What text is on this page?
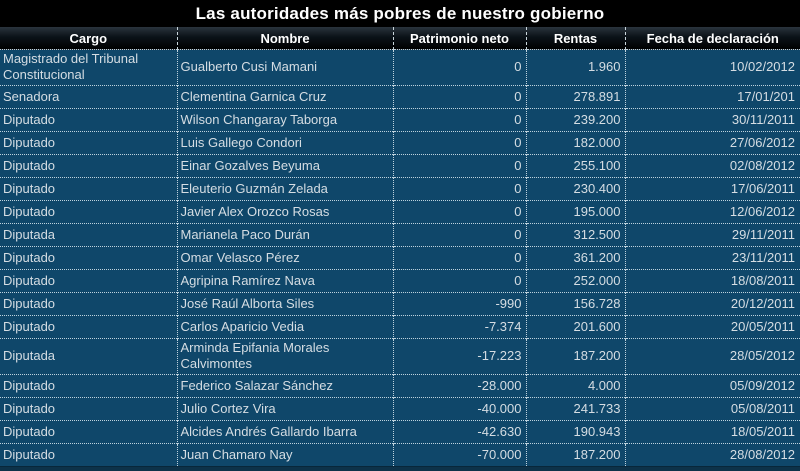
Las autoridades más pobres de nuestro gobierno
Cargo	Nombre	Patrimonio neto	Rentas	Fecha de declaración
Magistrado del Tribunal Constitucional	Gualberto Cusi Mamani	0	1.960	10/02/2012
Senadora	Clementina Garnica Cruz	0	278.891	17/01/201
Diputado	Wilson Changaray Taborga	0	239.200	30/11/2011
Diputado	Luis Gallego Condori	0	182.000	27/06/2012
Diputado	Einar Gozalves Beyuma	0	255.100	02/08/2012
Diputado	Eleuterio Guzmán Zelada	0	230.400	17/06/2011
Diputado	Javier Alex Orozco Rosas	0	195.000	12/06/2012
Diputada	Marianela Paco Durán	0	312.500	29/11/2011
Diputado	Omar Velasco Pérez	0	361.200	23/11/2011
Diputado	Agripina Ramírez Nava	0	252.000	18/08/2011
Diputado	José Raúl Alborta Siles	-990	156.728	20/12/2011
Diputado	Carlos Aparicio Vedia	-7.374	201.600	20/05/2011
Diputada	Arminda Epifania Morales Calvimontes	-17.223	187.200	28/05/2012
Diputado	Federico Salazar Sánchez	-28.000	4.000	05/09/2012
Diputado	Julio Cortez Vira	-40.000	241.733	05/08/2011
Diputado	Alcides Andrés Gallardo Ibarra	-42.630	190.943	18/05/2011
Diputado	Juan Chamaro Nay	-70.000	187.200	28/08/2012
